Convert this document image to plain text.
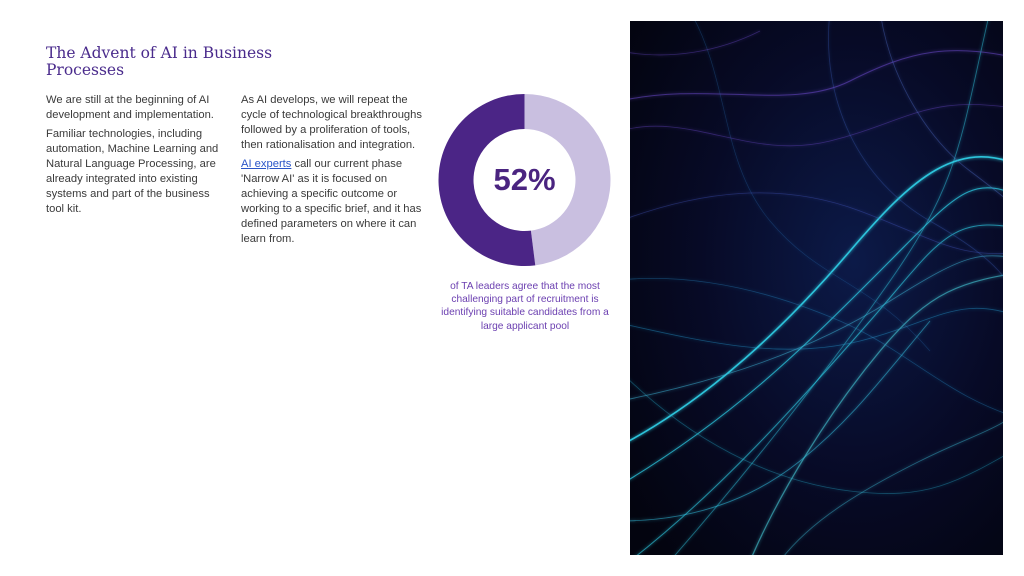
The Advent of AI in Business Processes

We are still at the beginning of AI development and implementation.

Familiar technologies, including automation, Machine Learning and Natural Language Processing, are already integrated into existing systems and part of the business tool kit.

As AI develops, we will repeat the cycle of technological breakthroughs followed by a proliferation of tools, then rationalisation and integration.

AI experts call our current phase 'Narrow AI' as it is focused on achieving a specific outcome or working to a specific brief, and it has defined parameters on where it can learn from.

52%
of TA leaders agree that the most challenging part of recruitment is identifying suitable candidates from a large applicant pool
